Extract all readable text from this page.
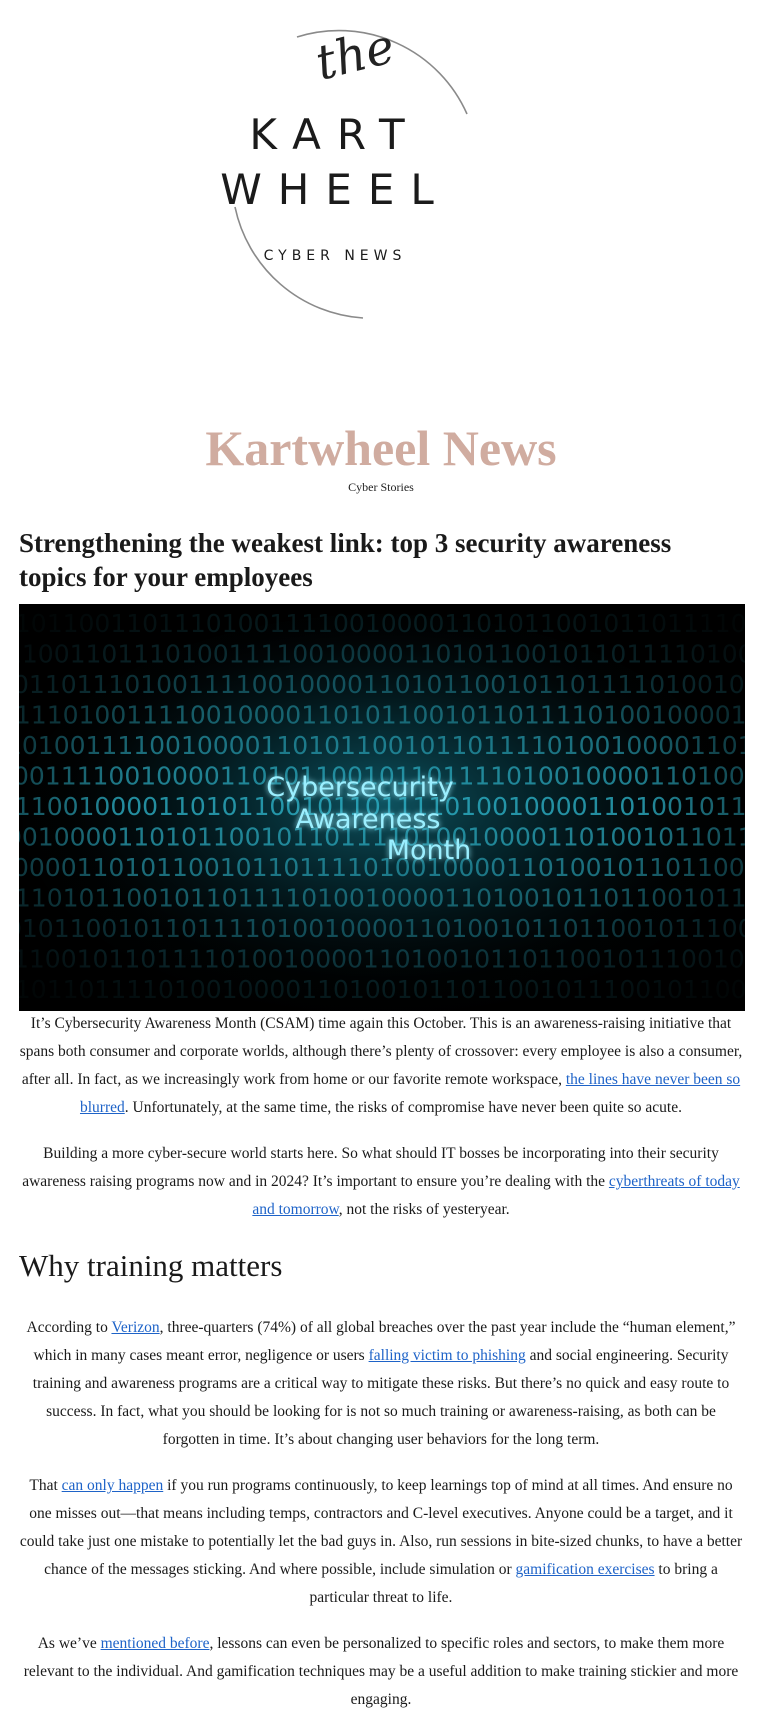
the
KART
WHEEL
CYBER NEWS
Kartwheel News
Cyber Stories
Strengthening the weakest link: top 3 security awareness topics for your employees

It’s Cybersecurity Awareness Month (CSAM) time again this October. This is an awareness-raising initiative that spans both consumer and corporate worlds, although there’s plenty of crossover: every employee is also a consumer, after all. In fact, as we increasingly work from home or our favorite remote workspace, the lines have never been so blurred. Unfortunately, at the same time, the risks of compromise have never been quite so acute.

Building a more cyber-secure world starts here. So what should IT bosses be incorporating into their security awareness raising programs now and in 2024? It’s important to ensure you’re dealing with the cyberthreats of today and tomorrow, not the risks of yesteryear.

Why training matters

According to Verizon, three-quarters (74%) of all global breaches over the past year include the “human element,” which in many cases meant error, negligence or users falling victim to phishing and social engineering. Security training and awareness programs are a critical way to mitigate these risks. But there’s no quick and easy route to success. In fact, what you should be looking for is not so much training or awareness-raising, as both can be forgotten in time. It’s about changing user behaviors for the long term.

That can only happen if you run programs continuously, to keep learnings top of mind at all times. And ensure no one misses out—that means including temps, contractors and C-level executives. Anyone could be a target, and it could take just one mistake to potentially let the bad guys in. Also, run sessions in bite-sized chunks, to have a better chance of the messages sticking. And where possible, include simulation or gamification exercises to bring a particular threat to life.

As we’ve mentioned before, lessons can even be personalized to specific roles and sectors, to make them more relevant to the individual. And gamification techniques may be a useful addition to make training stickier and more engaging.
